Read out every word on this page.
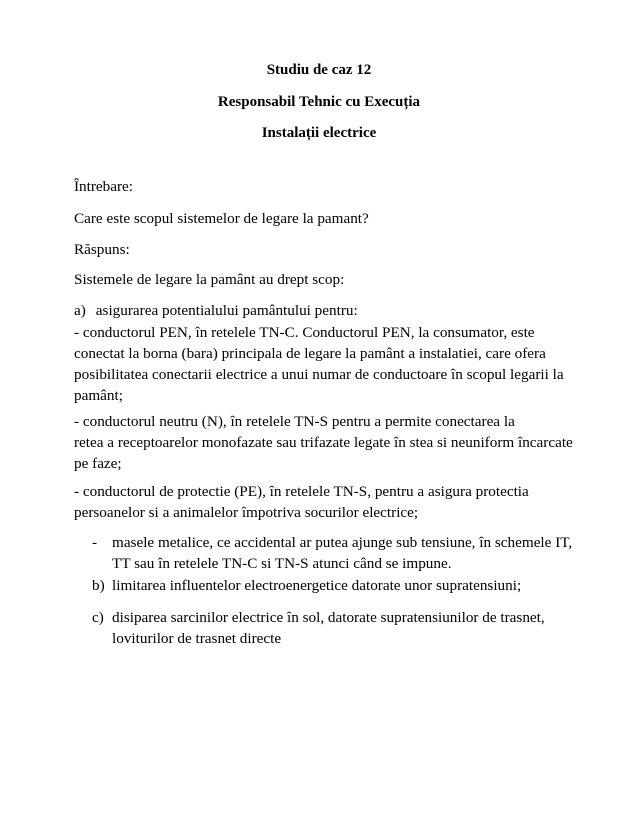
Studiu de caz 12
Responsabil Tehnic cu Execuția
Instalații electrice
Întrebare:
Care este scopul sistemelor de legare la pamant?
Răspuns:
Sistemele de legare la pamânt au drept scop:
a) asigurarea potentialului pamântului pentru:
- conductorul PEN, în retelele TN-C. Conductorul PEN, la consumator, este
conectat la borna (bara) principala de legare la pamânt a instalatiei, care ofera
posibilitatea conectarii electrice a unui numar de conductoare în scopul legarii la
pamânt;
- conductorul neutru (N), în retelele TN-S pentru a permite conectarea la
retea a receptoarelor monofazate sau trifazate legate în stea si neuniform încarcate
pe faze;
- conductorul de protectie (PE), în retelele TN-S, pentru a asigura protectia
persoanelor si a animalelor împotriva socurilor electrice;
- masele metalice, ce accidental ar putea ajunge sub tensiune, în schemele IT,
TT sau în retelele TN-C si TN-S atunci când se impune.
b) limitarea influentelor electroenergetice datorate unor supratensiuni;
c) disiparea sarcinilor electrice în sol, datorate supratensiunilor de trasnet,
loviturilor de trasnet directe
